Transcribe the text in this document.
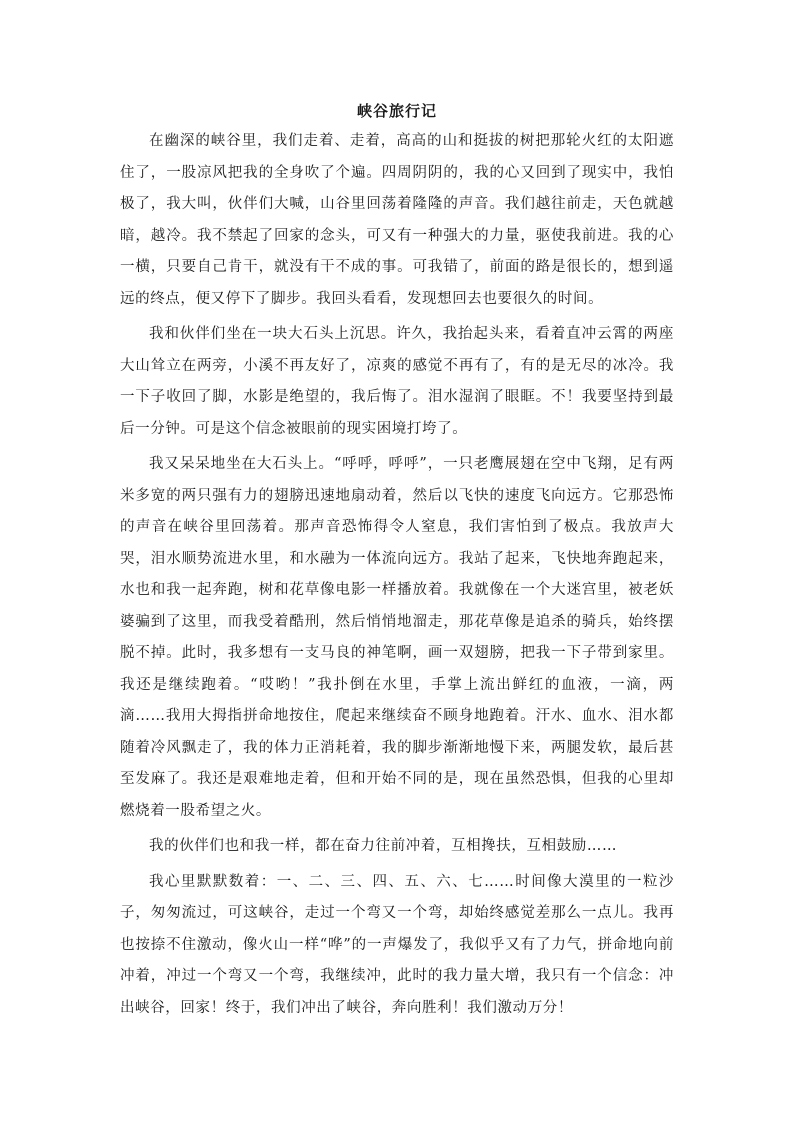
峡谷旅行记

在幽深的峡谷里，我们走着、走着，高高的山和挺拔的树把那轮火红的太阳遮住了，一股凉风把我的全身吹了个遍。四周阴阴的，我的心又回到了现实中，我怕极了，我大叫，伙伴们大喊，山谷里回荡着隆隆的声音。我们越往前走，天色就越暗，越冷。我不禁起了回家的念头，可又有一种强大的力量，驱使我前进。我的心一横，只要自己肯干，就没有干不成的事。可我错了，前面的路是很长的，想到遥远的终点，便又停下了脚步。我回头看看，发现想回去也要很久的时间。

我和伙伴们坐在一块大石头上沉思。许久，我抬起头来，看着直冲云霄的两座大山耸立在两旁，小溪不再友好了，凉爽的感觉不再有了，有的是无尽的冰冷。我一下子收回了脚，水影是绝望的，我后悔了。泪水湿润了眼眶。不！我要坚持到最后一分钟。可是这个信念被眼前的现实困境打垮了。

我又呆呆地坐在大石头上。“呼呼，呼呼”，一只老鹰展翅在空中飞翔，足有两米多宽的两只强有力的翅膀迅速地扇动着，然后以飞快的速度飞向远方。它那恐怖的声音在峡谷里回荡着。那声音恐怖得令人窒息，我们害怕到了极点。我放声大哭，泪水顺势流进水里，和水融为一体流向远方。我站了起来，飞快地奔跑起来，水也和我一起奔跑，树和花草像电影一样播放着。我就像在一个大迷宫里，被老妖婆骗到了这里，而我受着酷刑，然后悄悄地溜走，那花草像是追杀的骑兵，始终摆脱不掉。此时，我多想有一支马良的神笔啊，画一双翅膀，把我一下子带到家里。我还是继续跑着。“哎哟！”我扑倒在水里，手掌上流出鲜红的血液，一滴，两滴……我用大拇指拼命地按住，爬起来继续奋不顾身地跑着。汗水、血水、泪水都随着冷风飘走了，我的体力正消耗着，我的脚步渐渐地慢下来，两腿发软，最后甚至发麻了。我还是艰难地走着，但和开始不同的是，现在虽然恐惧，但我的心里却燃烧着一股希望之火。

我的伙伴们也和我一样，都在奋力往前冲着，互相搀扶，互相鼓励……

我心里默默数着：一、二、三、四、五、六、七……时间像大漠里的一粒沙子，匆匆流过，可这峡谷，走过一个弯又一个弯，却始终感觉差那么一点儿。我再也按捺不住激动，像火山一样“哗”的一声爆发了，我似乎又有了力气，拼命地向前冲着，冲过一个弯又一个弯，我继续冲，此时的我力量大增，我只有一个信念：冲出峡谷，回家！终于，我们冲出了峡谷，奔向胜利！我们激动万分！
